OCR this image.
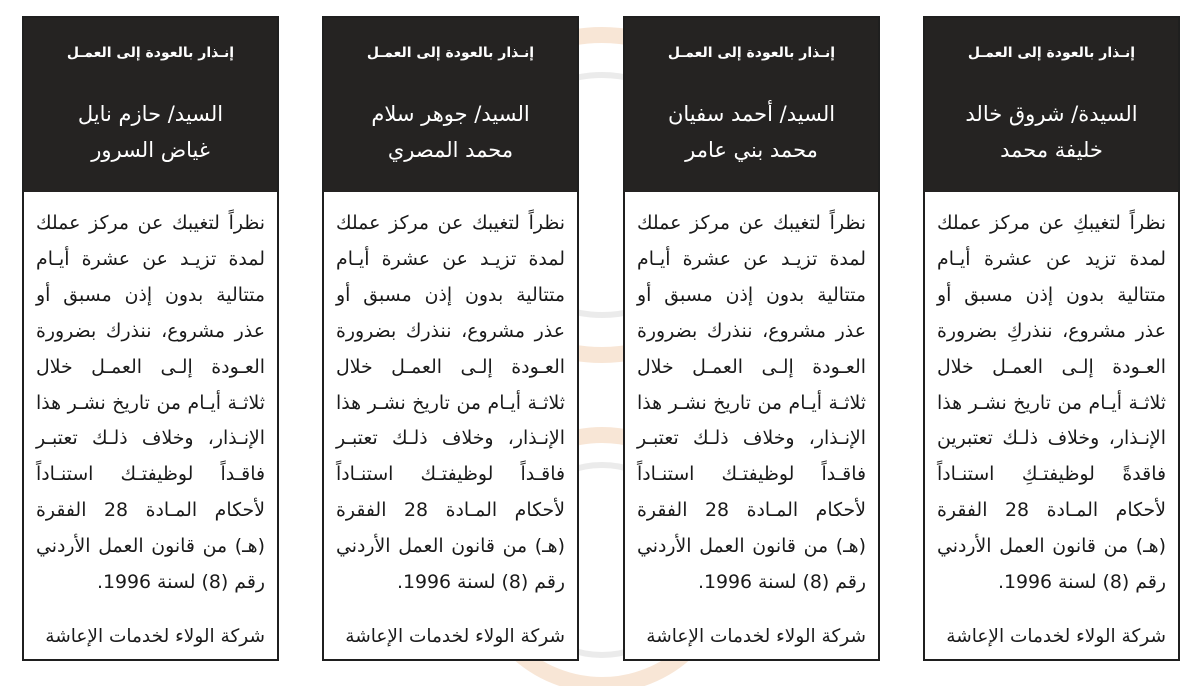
إنـذار بالعودة إلى العمـل
السيدة/ شروق خالد
خليفة محمد
نظراً لتغيبكِ عن مركز عملك لمدة تزيد عن عشرة أيـام متتالية بدون إذن مسبق أو عذر مشروع، ننذركِ بضرورة العـودة إلـى العمـل خلال ثلاثـة أيـام من تاريخ نشـر هذا الإنـذار، وخلاف ذلـك تعتبرين فاقدةً لوظيفتـكِ استنـاداً لأحكام المـادة 28 الفقرة (هـ) من قانون العمل الأردني رقم (8) لسنة 1996.
شركة الولاء لخدمات الإعاشة
إنـذار بالعودة إلى العمـل
السيد/ أحمد سفيان
محمد بني عامر
نظراً لتغيبك عن مركز عملك لمدة تزيـد عن عشرة أيـام متتالية بدون إذن مسبق أو عذر مشروع، ننذرك بضرورة العـودة إلـى العمـل خلال ثلاثـة أيـام من تاريخ نشـر هذا الإنـذار، وخلاف ذلـك تعتبـر فاقـداً لوظيفتـك استنـاداً لأحكام المـادة 28 الفقرة (هـ) من قانون العمل الأردني رقم (8) لسنة 1996.
شركة الولاء لخدمات الإعاشة
إنـذار بالعودة إلى العمـل
السيد/ جوهر سلام
محمد المصري
نظراً لتغيبك عن مركز عملك لمدة تزيـد عن عشرة أيـام متتالية بدون إذن مسبق أو عذر مشروع، ننذرك بضرورة العـودة إلـى العمـل خلال ثلاثـة أيـام من تاريخ نشـر هذا الإنـذار، وخلاف ذلـك تعتبـر فاقـداً لوظيفتـك استنـاداً لأحكام المـادة 28 الفقرة (هـ) من قانون العمل الأردني رقم (8) لسنة 1996.
شركة الولاء لخدمات الإعاشة
إنـذار بالعودة إلى العمـل
السيد/ حازم نايل
غياض السرور
نظراً لتغيبك عن مركز عملك لمدة تزيـد عن عشرة أيـام متتالية بدون إذن مسبق أو عذر مشروع، ننذرك بضرورة العـودة إلـى العمـل خلال ثلاثـة أيـام من تاريخ نشـر هذا الإنـذار، وخلاف ذلـك تعتبـر فاقـداً لوظيفتـك استنـاداً لأحكام المـادة 28 الفقرة (هـ) من قانون العمل الأردني رقم (8) لسنة 1996.
شركة الولاء لخدمات الإعاشة
